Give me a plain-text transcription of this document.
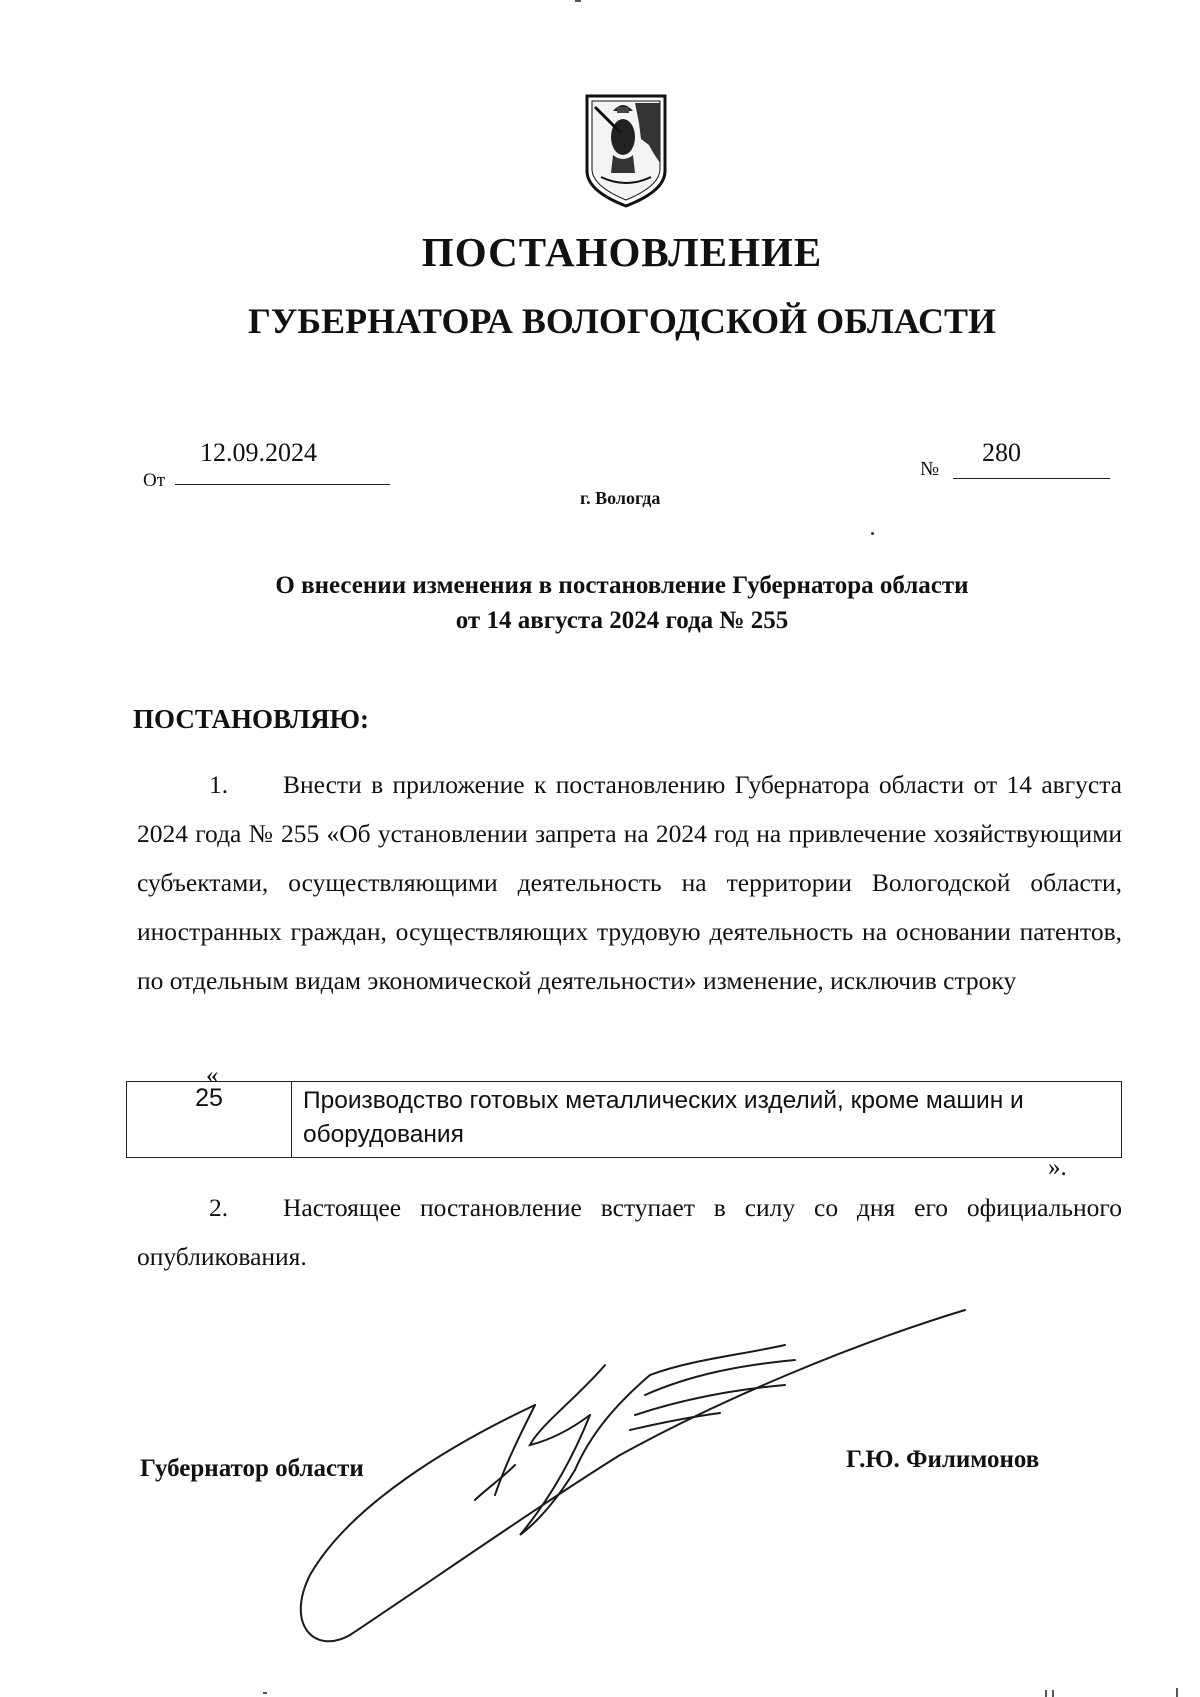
ПОСТАНОВЛЕНИЕ
ГУБЕРНАТОРА ВОЛОГОДСКОЙ ОБЛАСТИ
От
12.09.2024
г. Вологда
№
280
О внесении изменения в постановление Губернатора области
от 14 августа 2024 года № 255
ПОСТАНОВЛЯЮ:
1. Внести в приложение к постановлению Губернатора области от 14 августа 2024 года № 255 «Об установлении запрета на 2024 год на привлечение хозяйствующими субъектами, осуществляющими деятельность на территории Вологодской области, иностранных граждан, осуществляющих трудовую деятельность на основании патентов, по отдельным видам экономической деятельности» изменение, исключив строку
«
25	Производство готовых металлических изделий, кроме машин и оборудования
».
2. Настоящее постановление вступает в силу со дня его официального опубликования.
Губернатор области	Г.Ю. Филимонов
